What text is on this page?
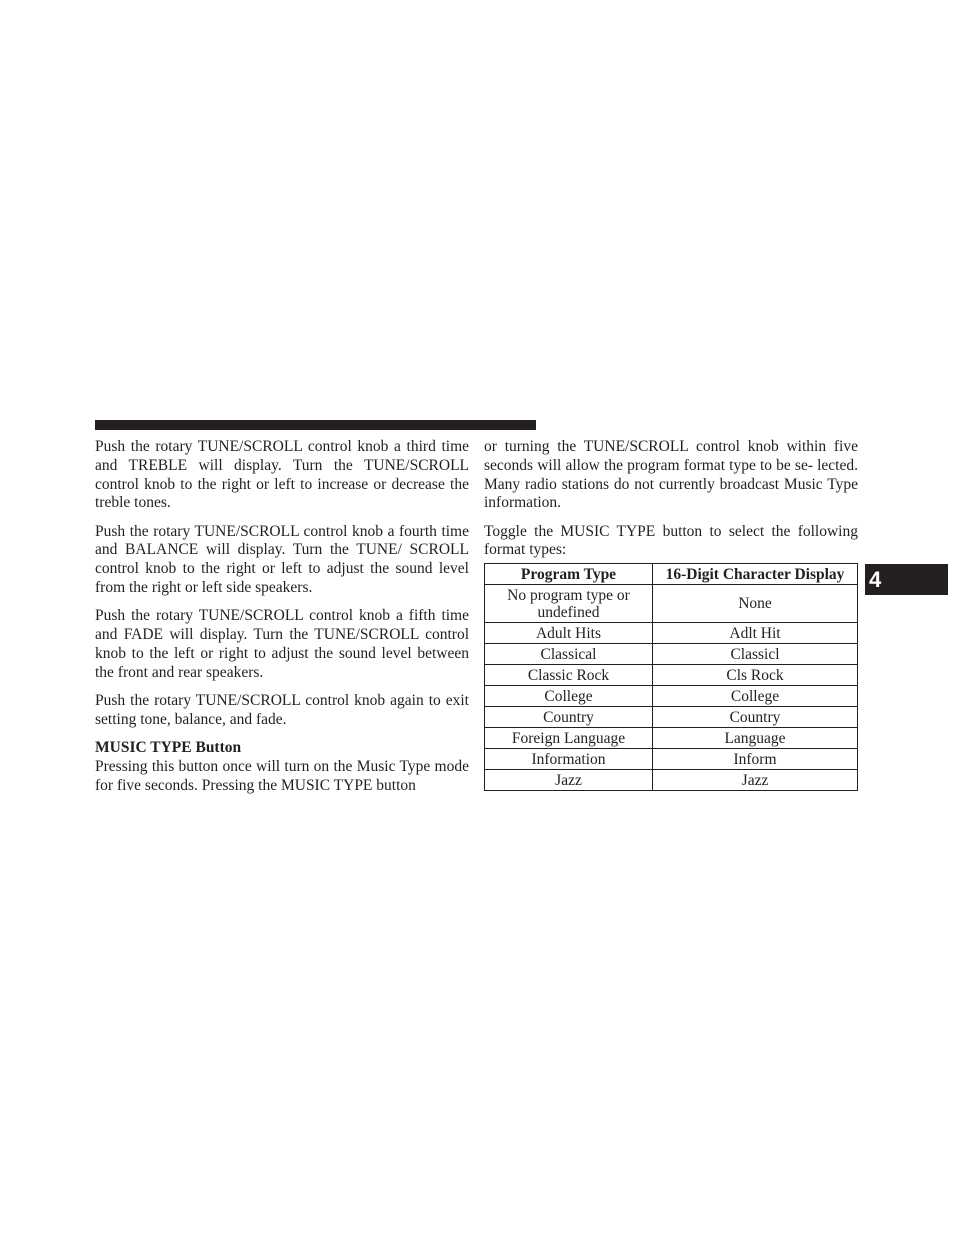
Push the rotary TUNE/SCROLL control knob a third time and TREBLE will display. Turn the TUNE/SCROLL control knob to the right or left to increase or decrease the treble tones.

Push the rotary TUNE/SCROLL control knob a fourth time and BALANCE will display. Turn the TUNE/ SCROLL control knob to the right or left to adjust the sound level from the right or left side speakers.

Push the rotary TUNE/SCROLL control knob a fifth time and FADE will display. Turn the TUNE/SCROLL control knob to the left or right to adjust the sound level between the front and rear speakers.

Push the rotary TUNE/SCROLL control knob again to exit setting tone, balance, and fade.

MUSIC TYPE Button

Pressing this button once will turn on the Music Type mode for five seconds. Pressing the MUSIC TYPE button

or turning the TUNE/SCROLL control knob within five seconds will allow the program format type to be se- lected. Many radio stations do not currently broadcast Music Type information.

Toggle the MUSIC TYPE button to select the following format types:

Program Type	16-Digit Character Display
No program type or undefined	None
Adult Hits	Adlt Hit
Classical	Classicl
Classic Rock	Cls Rock
College	College
Country	Country
Foreign Language	Language
Information	Inform
Jazz	Jazz
4
